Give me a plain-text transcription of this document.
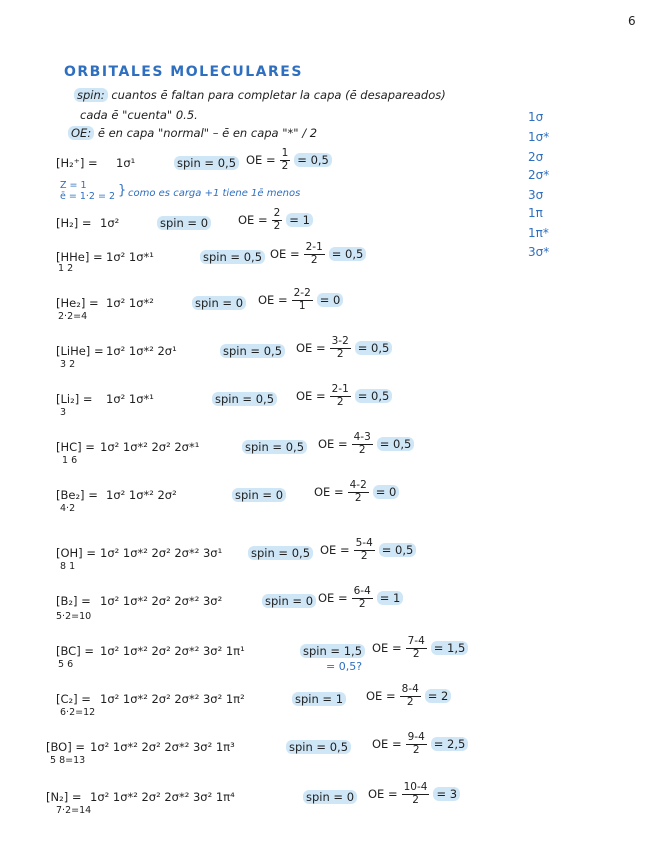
6
ORBITALES MOLECULARES
spin: cuantos ē faltan para completar la capa (ē desapareados)
cada ē "cuenta" 0.5.
OE: ē en capa "normal" – ē en capa "*" / 2
1σ
1σ*
2σ
2σ*
3σ
1π
1π*
3σ*
Z = 1
ē = 1·2 = 2 } como es carga +1 tiene 1ē menos
[H₂⁺] = 1σ¹	spin = 0,5 OE = $\frac{1}{2} = 0,5$
[H₂] = 1σ²	spin = 0	OE = $\frac{2}{2} = 1$
[HHe] = 1σ² 1σ*¹	spin = 0,5 OE = $\frac{2-1}{2} = 0,5$
1 2
[He₂] = 1σ² 1σ*²	spin = 0 OE = $\frac{2-2}{1} = 0$
2·2=4
[LiHe] = 1σ² 1σ*² 2σ¹	spin = 0,5 OE = $\frac{3-2}{2} = 0,5$
3 2
[Li₂] = 1σ² 1σ*¹	spin = 0,5 OE = $\frac{2-1}{2} = 0,5$
3
[HC] = 1σ² 1σ*² 2σ² 2σ*¹	spin = 0,5 OE = $\frac{4-3}{2} = 0,5$
1 6
[Be₂] = 1σ² 1σ*² 2σ²	spin = 0	OE = $\frac{4-2}{2} = 0$
4·2
[OH] = 1σ² 1σ*² 2σ² 2σ*² 3σ¹	spin = 0,5 OE = $\frac{5-4}{2} = 0,5$
8 1
[B₂] = 1σ² 1σ*² 2σ² 2σ*² 3σ²	spin = 0 OE = $\frac{6-4}{2} = 1$
5·2=10
[BC] = 1σ² 1σ*² 2σ² 2σ*² 3σ² 1π¹	spin = 1,5 OE = $\frac{7-4}{2} = 1,5$
5 6
[C₂] = 1σ² 1σ*² 2σ² 2σ*² 3σ² 1π²	spin = 1 OE = $\frac{8-4}{2} = 2$
6·2=12
[BO] = 1σ² 1σ*² 2σ² 2σ*² 3σ² 1π³	spin = 0,5 OE = $\frac{9-4}{2} = 2,5$
5 8=13
[N₂] = 1σ² 1σ*² 2σ² 2σ*² 3σ² 1π⁴	spin = 0 OE = $\frac{10-4}{2} = 3$
7·2=14
= 0,5?
